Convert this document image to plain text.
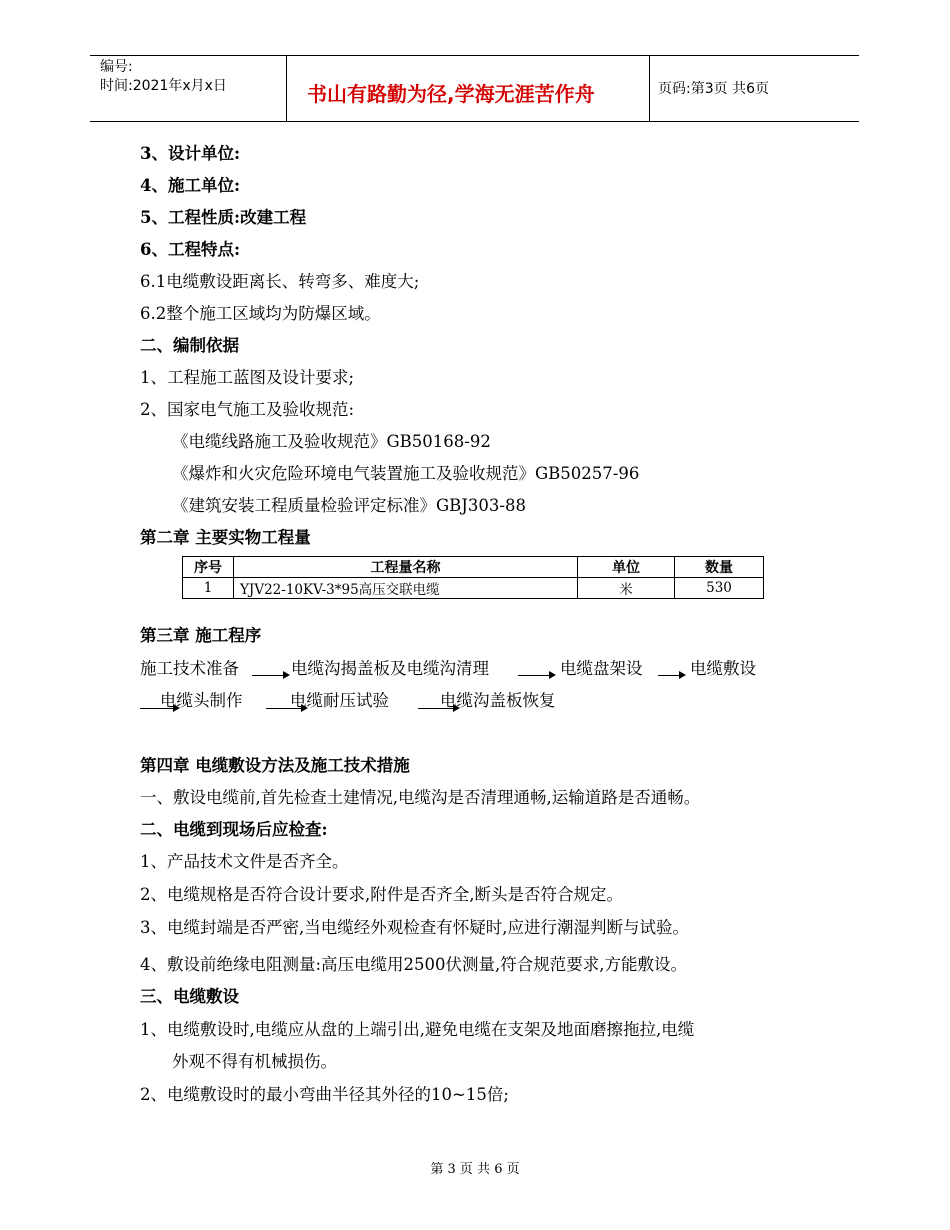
编号:
时间:2021年x月x日	书山有路勤为径,学海无涯苦作舟	页码:第3页 共6页
3、设计单位:
4、施工单位:
5、工程性质:改建工程
6、工程特点:
6.1电缆敷设距离长、转弯多、难度大;
6.2整个施工区域均为防爆区域。
二、编制依据
1、工程施工蓝图及设计要求;
2、国家电气施工及验收规范:
《电缆线路施工及验收规范》GB50168-92
《爆炸和火灾危险环境电气装置施工及验收规范》GB50257-96
《建筑安装工程质量检验评定标准》GBJ303-88
第二章 主要实物工程量
序号	工程量名称	单位	数量
1	YJV22-10KV-3*95高压交联电缆	米	530
第三章 施工程序
施工技术准备	电缆沟揭盖板及电缆沟清理	电缆盘架设	电缆敷设
电缆头制作	电缆耐压试验	电缆沟盖板恢复
第四章 电缆敷设方法及施工技术措施
一、敷设电缆前,首先检查土建情况,电缆沟是否清理通畅,运输道路是否通畅。
二、电缆到现场后应检查:
1、产品技术文件是否齐全。
2、电缆规格是否符合设计要求,附件是否齐全,断头是否符合规定。
3、电缆封端是否严密,当电缆经外观检查有怀疑时,应进行潮湿判断与试验。
4、敷设前绝缘电阻测量:高压电缆用2500伏测量,符合规范要求,方能敷设。
三、电缆敷设
1、电缆敷设时,电缆应从盘的上端引出,避免电缆在支架及地面磨擦拖拉,电缆
外观不得有机械损伤。
2、电缆敷设时的最小弯曲半径其外径的10~15倍;
第 3 页 共 6 页
